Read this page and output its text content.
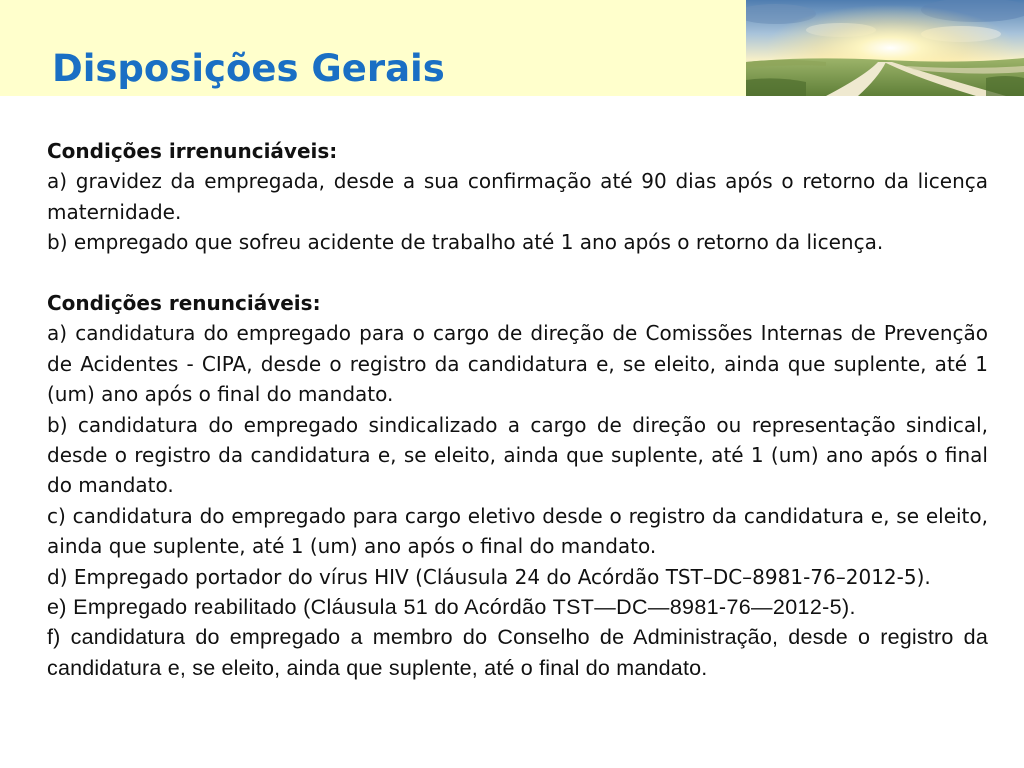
Disposições Gerais

Condições irrenunciáveis:

a) gravidez da empregada, desde a sua confirmação até 90 dias após o retorno da licença maternidade.

b) empregado que sofreu acidente de trabalho até 1 ano após o retorno da licença.

Condições renunciáveis:

a) candidatura do empregado para o cargo de direção de Comissões Internas de Prevenção de Acidentes - CIPA, desde o registro da candidatura e, se eleito, ainda que suplente, até 1 (um) ano após o final do mandato.

b) candidatura do empregado sindicalizado a cargo de direção ou representação sindical, desde o registro da candidatura e, se eleito, ainda que suplente, até 1 (um) ano após o final do mandato.

c) candidatura do empregado para cargo eletivo desde o registro da candidatura e, se eleito, ainda que suplente, até 1 (um) ano após o final do mandato.

d) Empregado portador do vírus HIV (Cláusula 24 do Acórdão TST–DC–8981-76–2012-5).

e) Empregado reabilitado (Cláusula 51 do Acórdão TST—DC—8981-76—2012-5).

f) candidatura do empregado a membro do Conselho de Administração, desde o registro da candidatura e, se eleito, ainda que suplente, até o final do mandato.
